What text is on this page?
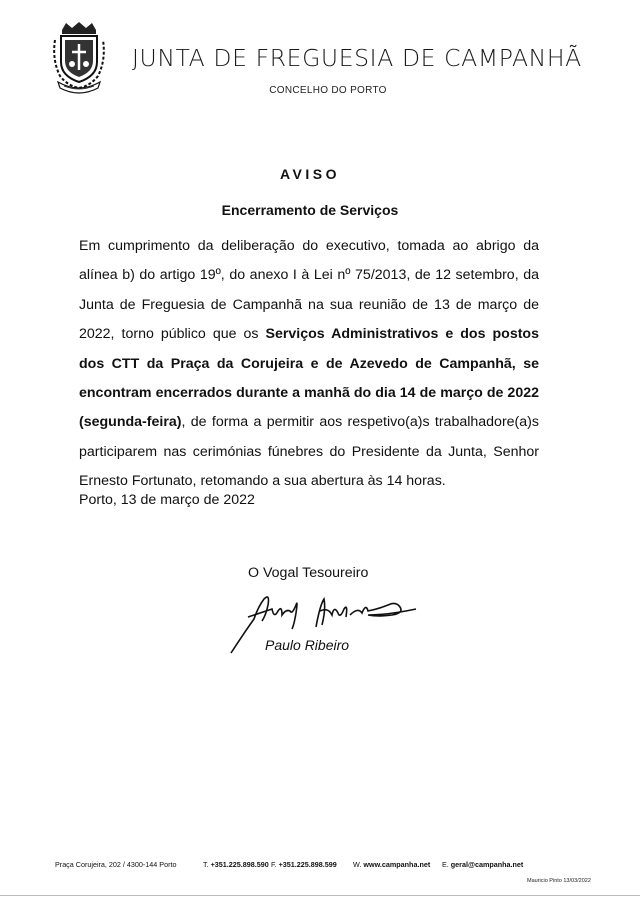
JUNTA DE FREGUESIA DE CAMPANHÃ
CONCELHO DO PORTO
AVISO
Encerramento de Serviços

Em cumprimento da deliberação do executivo, tomada ao abrigo da alínea b) do artigo 19º, do anexo I à Lei nº 75/2013, de 12 setembro, da Junta de Freguesia de Campanhã na sua reunião de 13 de março de 2022, torno público que os Serviços Administrativos e dos postos dos CTT da Praça da Corujeira e de Azevedo de Campanhã, se encontram encerrados durante a manhã do dia 14 de março de 2022 (segunda-feira), de forma a permitir aos respetivo(a)s trabalhadore(a)s participarem nas cerimónias fúnebres do Presidente da Junta, Senhor Ernesto Fortunato, retomando a sua abertura às 14 horas.

Porto, 13 de março de 2022
O Vogal Tesoureiro
Paulo Ribeiro
Praça Corujeira, 202 / 4300-144 Porto	T. +351.225.898.590 F. +351.225.898.599 W. www.campanha.net E. geral@campanha.net
Mauricio Pinto 13/03/2022
